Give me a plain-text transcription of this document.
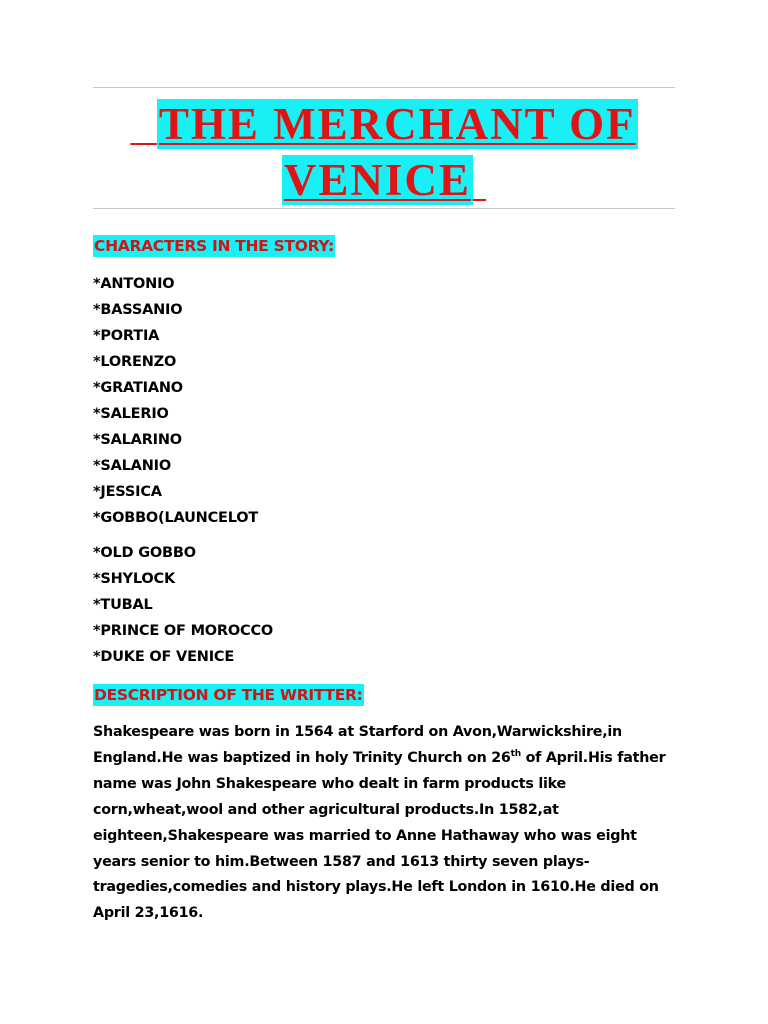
THE MERCHANT OF
VENICE
CHARACTERS IN THE STORY:
*ANTONIO
*BASSANIO
*PORTIA
*LORENZO
*GRATIANO
*SALERIO
*SALARINO
*SALANIO
*JESSICA
*GOBBO(LAUNCELOT
*OLD GOBBO
*SHYLOCK
*TUBAL
*PRINCE OF MOROCCO
*DUKE OF VENICE
DESCRIPTION OF THE WRITTER:

Shakespeare was born in 1564 at Starford on Avon,Warwickshire,in England.He was baptized in holy Trinity Church on 26th of April.His father name was John Shakespeare who dealt in farm products like corn,wheat,wool and other agricultural products.In 1582,at eighteen,Shakespeare was married to Anne Hathaway who was eight years senior to him.Between 1587 and 1613 thirty seven plays-tragedies,comedies and history plays.He left London in 1610.He died on April 23,1616.
